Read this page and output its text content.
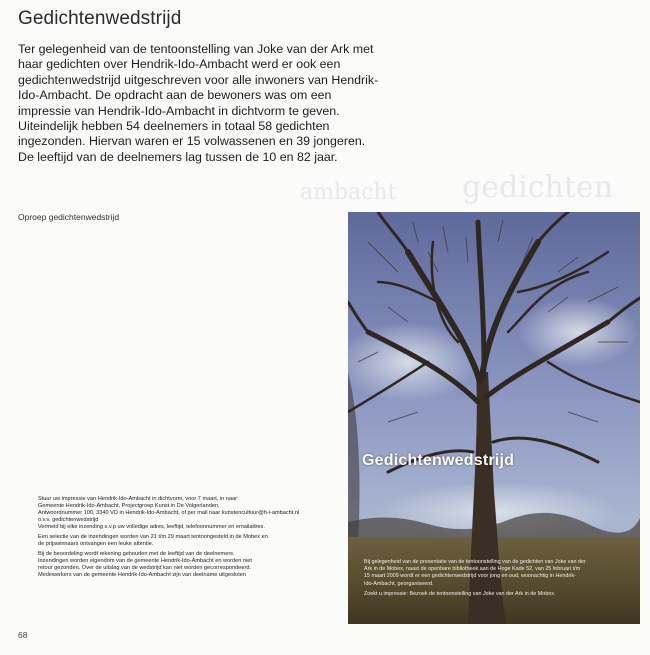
gedichten
ambacht
Gedichtenwedstrijd
Ter gelegenheid van de tentoonstelling van Joke van der Ark met
haar gedichten over Hendrik-Ido-Ambacht werd er ook een
gedichtenwedstrijd uitgeschreven voor alle inwoners van Hendrik-
Ido-Ambacht. De opdracht aan de bewoners was om een
impressie van Hendrik-Ido-Ambacht in dichtvorm te geven.
Uiteindelijk hebben 54 deelnemers in totaal 58 gedichten
ingezonden. Hiervan waren er 15 volwassenen en 39 jongeren.
De leeftijd van de deelnemers lag tussen de 10 en 82 jaar.
Oproep gedichtenwedstrijd

Stuur uw impressie van Hendrik-Ido-Ambacht in dichtvorm, voor 7 maart, in naar:
Gemeente Hendrik-Ido-Ambacht, Projectgroep Kunst in De Volgerlanden,
Antwoordnummer 100, 3340 VD in Hendrik-Ido-Ambacht, of per mail naar kunstencultuur@h-i-ambacht.nl
o.v.v. gedichtenwedstrijd
Vermeld bij elke inzending s.v.p uw volledige adres, leeftijd, telefoonnummer en emailadres.

Een selectie van de inzendingen worden van 21 t/m 29 maart tentoongesteld in de Mobex en
de prijswinnaars ontvangen een leuke attentie.

Bij de beoordeling wordt rekening gehouden met de leeftijd van de deelnemers.
Inzendingen worden eigendom van de gemeente Hendrik-Ido-Ambacht en worden niet
retour gezonden. Over de uitslag van de wedstrijd kan niet worden gecorrespondeerd.
Medewerkers van de gemeente Hendrik-Ido-Ambacht zijn van deelname uitgesloten

Gedichtenwedstrijd

Bij gelegenheid van de presentatie van de tentoonstelling van de gedichten van Joke van der
Ark in de Mobex, naast de openbare bibliotheek aan de Hoge Kade 52, van 25 februari t/m
15 maart 2009 wordt er een gedichtenwedstrijd voor jong en oud, woonachtig in Hendrik-
Ido-Ambacht, georganiseerd.

Zoekt u impressie: Bezoek de tentoonstelling van Joke van der Ark in de Mobex.

68
